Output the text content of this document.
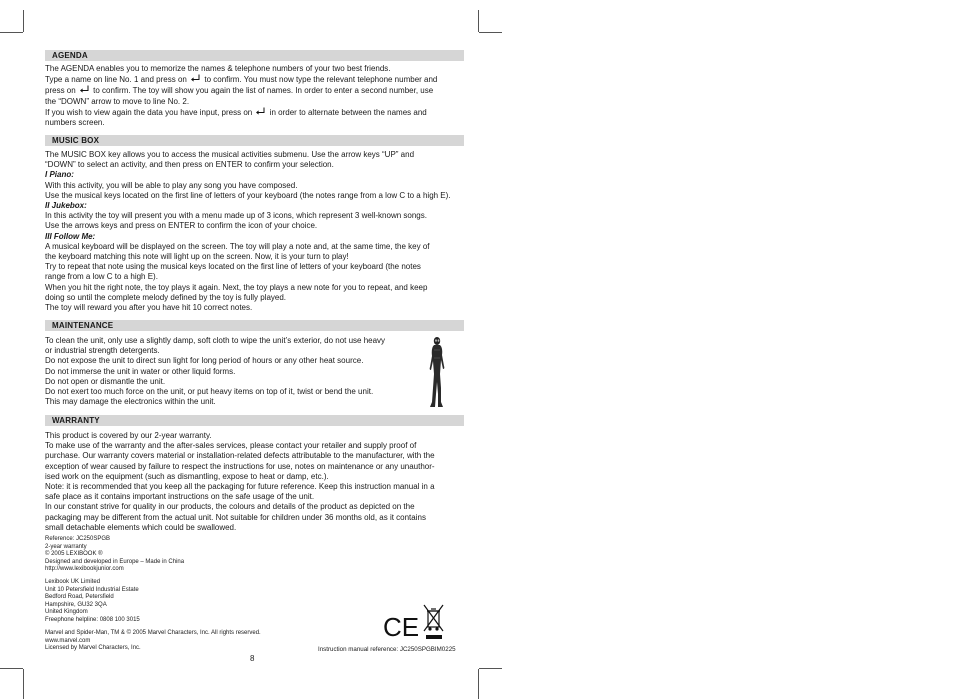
AGENDA

The AGENDA enables you to memorize the names & telephone numbers of your two best friends.

Type a name on line No. 1 and press on to confirm. You must now type the relevant telephone number and

press on to confirm. The toy will show you again the list of names. In order to enter a second number, use

the “DOWN” arrow to move to line No. 2.

If you wish to view again the data you have input, press on in order to alternate between the names and

numbers screen.

MUSIC BOX

The MUSIC BOX key allows you to access the musical activities submenu. Use the arrow keys “UP” and

“DOWN” to select an activity, and then press on ENTER to confirm your selection.

I Piano:

With this activity, you will be able to play any song you have composed.

Use the musical keys located on the first line of letters of your keyboard (the notes range from a low C to a high E).

II Jukebox:

In this activity the toy will present you with a menu made up of 3 icons, which represent 3 well-known songs.

Use the arrows keys and press on ENTER to confirm the icon of your choice.

III Follow Me:

A musical keyboard will be displayed on the screen. The toy will play a note and, at the same time, the key of

the keyboard matching this note will light up on the screen. Now, it is your turn to play!

Try to repeat that note using the musical keys located on the first line of letters of your keyboard (the notes

range from a low C to a high E).

When you hit the right note, the toy plays it again. Next, the toy plays a new note for you to repeat, and keep

doing so until the complete melody defined by the toy is fully played.

The toy will reward you after you have hit 10 correct notes.

MAINTENANCE

To clean the unit, only use a slightly damp, soft cloth to wipe the unit’s exterior, do not use heavy

or industrial strength detergents.

Do not expose the unit to direct sun light for long period of hours or any other heat source.

Do not immerse the unit in water or other liquid forms.

Do not open or dismantle the unit.

Do not exert too much force on the unit, or put heavy items on top of it, twist or bend the unit.

This may damage the electronics within the unit.

WARRANTY

This product is covered by our 2-year warranty.

To make use of the warranty and the after-sales services, please contact your retailer and supply proof of

purchase. Our warranty covers material or installation-related defects attributable to the manufacturer, with the

exception of wear caused by failure to respect the instructions for use, notes on maintenance or any unauthor-

ised work on the equipment (such as dismantling, expose to heat or damp, etc.).

Note: it is recommended that you keep all the packaging for future reference. Keep this instruction manual in a

safe place as it contains important instructions on the safe usage of the unit.

In our constant strive for quality in our products, the colours and details of the product as depicted on the

packaging may be different from the actual unit. Not suitable for children under 36 months old, as it contains

small detachable elements which could be swallowed.

Reference: JC250SPGB

2-year warranty

© 2005 LEXIBOOK ®

Designed and developed in Europe – Made in China

http://www.lexibookjunior.com

Lexibook UK Limited

Unit 10 Petersfield Industrial Estate

Bedford Road, Petersfield

Hampshire, GU32 3QA

United Kingdom

Freephone helpline: 0808 100 3015

Marvel and Spider-Man, TM & © 2005 Marvel Characters, Inc. All rights reserved.

www.marvel.com

Licensed by Marvel Characters, Inc.

8
Instruction manual reference: JC250SPGBIM0225
CE
